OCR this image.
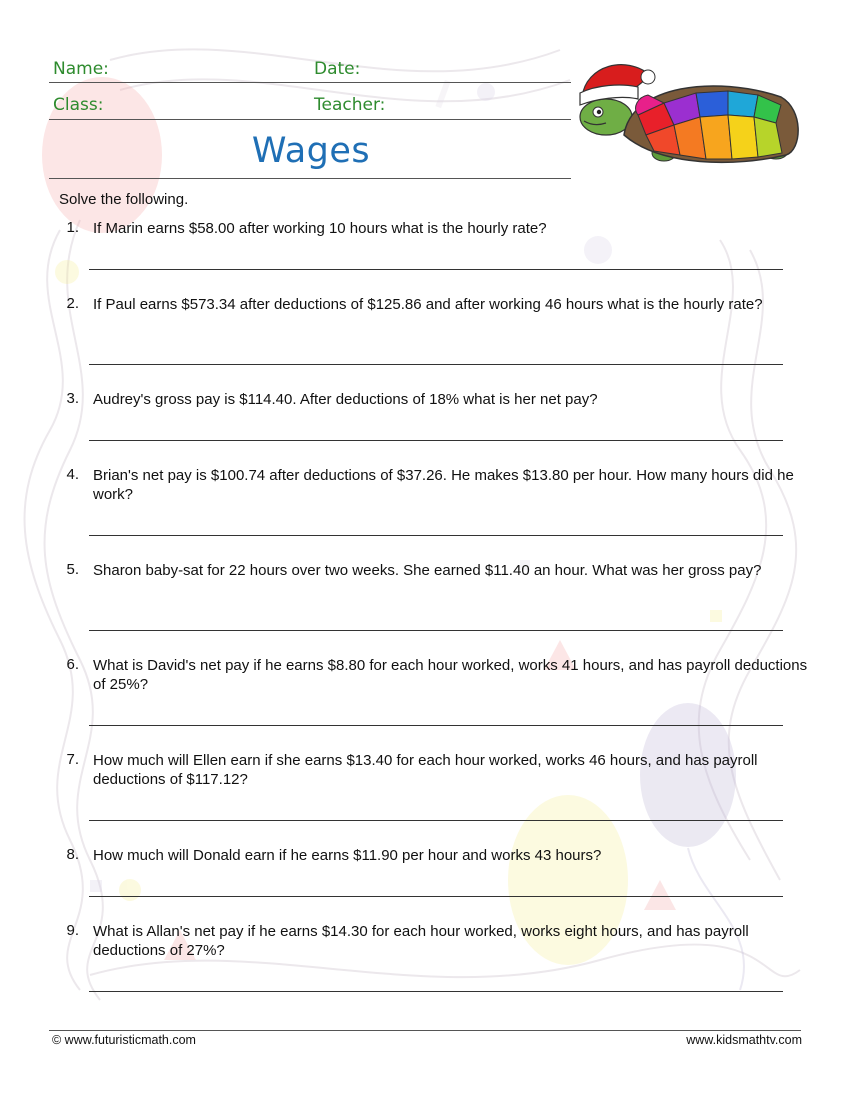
Name:	Date:
Class:	Teacher:
Wages
Solve the following.
1. If Marin earns $58.00 after working 10 hours what is the hourly rate?
2. If Paul earns $573.34 after deductions of $125.86 and after working 46 hours what is the hourly rate?
3. Audrey's gross pay is $114.40. After deductions of 18% what is her net pay?
4. Brian's net pay is $100.74 after deductions of $37.26. He makes $13.80 per hour. How many hours did he work?
5. Sharon baby-sat for 22 hours over two weeks. She earned $11.40 an hour. What was her gross pay?
6. What is David's net pay if he earns $8.80 for each hour worked, works 41 hours, and has payroll deductions of 25%?
7. How much will Ellen earn if she earns $13.40 for each hour worked, works 46 hours, and has payroll deductions of $117.12?
8. How much will Donald earn if he earns $11.90 per hour and works 43 hours?
9. What is Allan's net pay if he earns $14.30 for each hour worked, works eight hours, and has payroll deductions of 27%?
© www.futuristicmath.com	www.kidsmathtv.com
